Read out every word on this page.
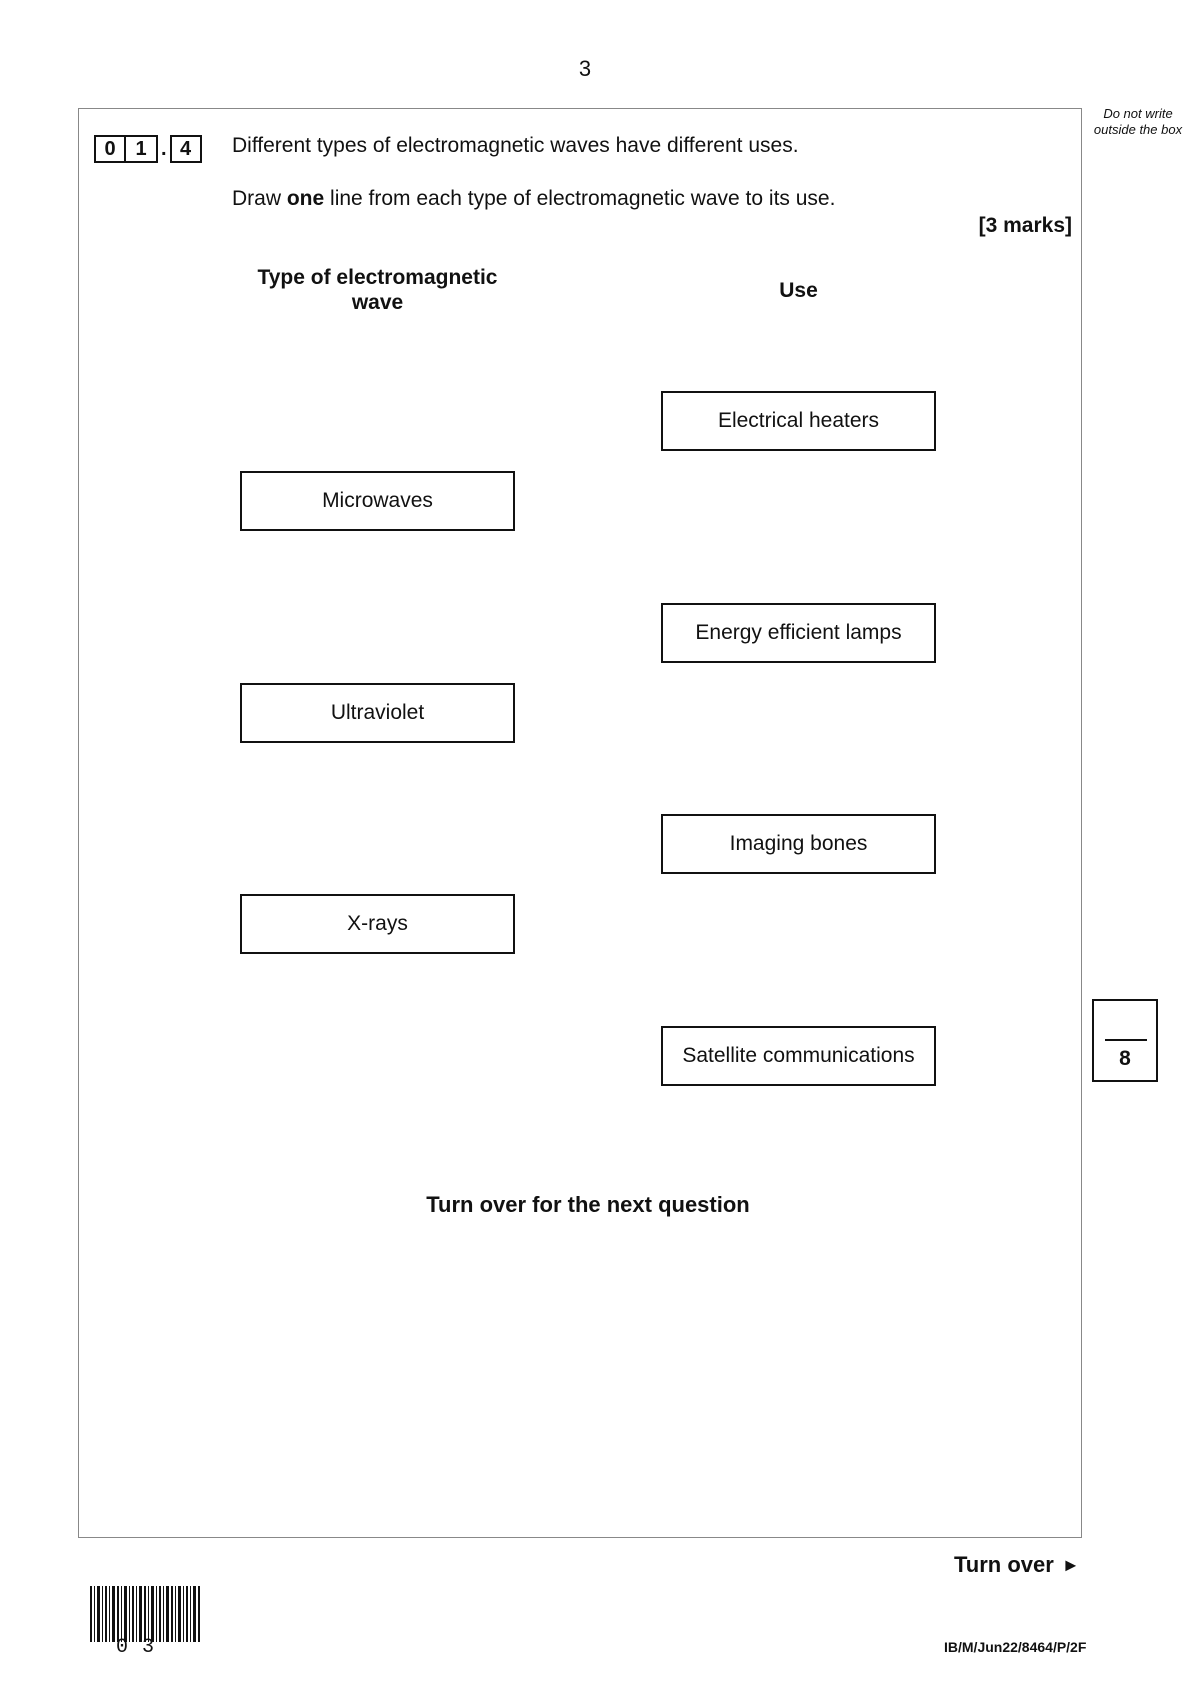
3
Do not write outside the box
0 1 . 4	Different types of electromagnetic waves have different uses.
Draw one line from each type of electromagnetic wave to its use.
[3 marks]
Type of electromagnetic wave
Use
Electrical heaters
Microwaves
Energy efficient lamps
Ultraviolet
Imaging bones
X-rays
Satellite communications	8
Turn over for the next question
Turn over ►
03	IB/M/Jun22/8464/P/2F
